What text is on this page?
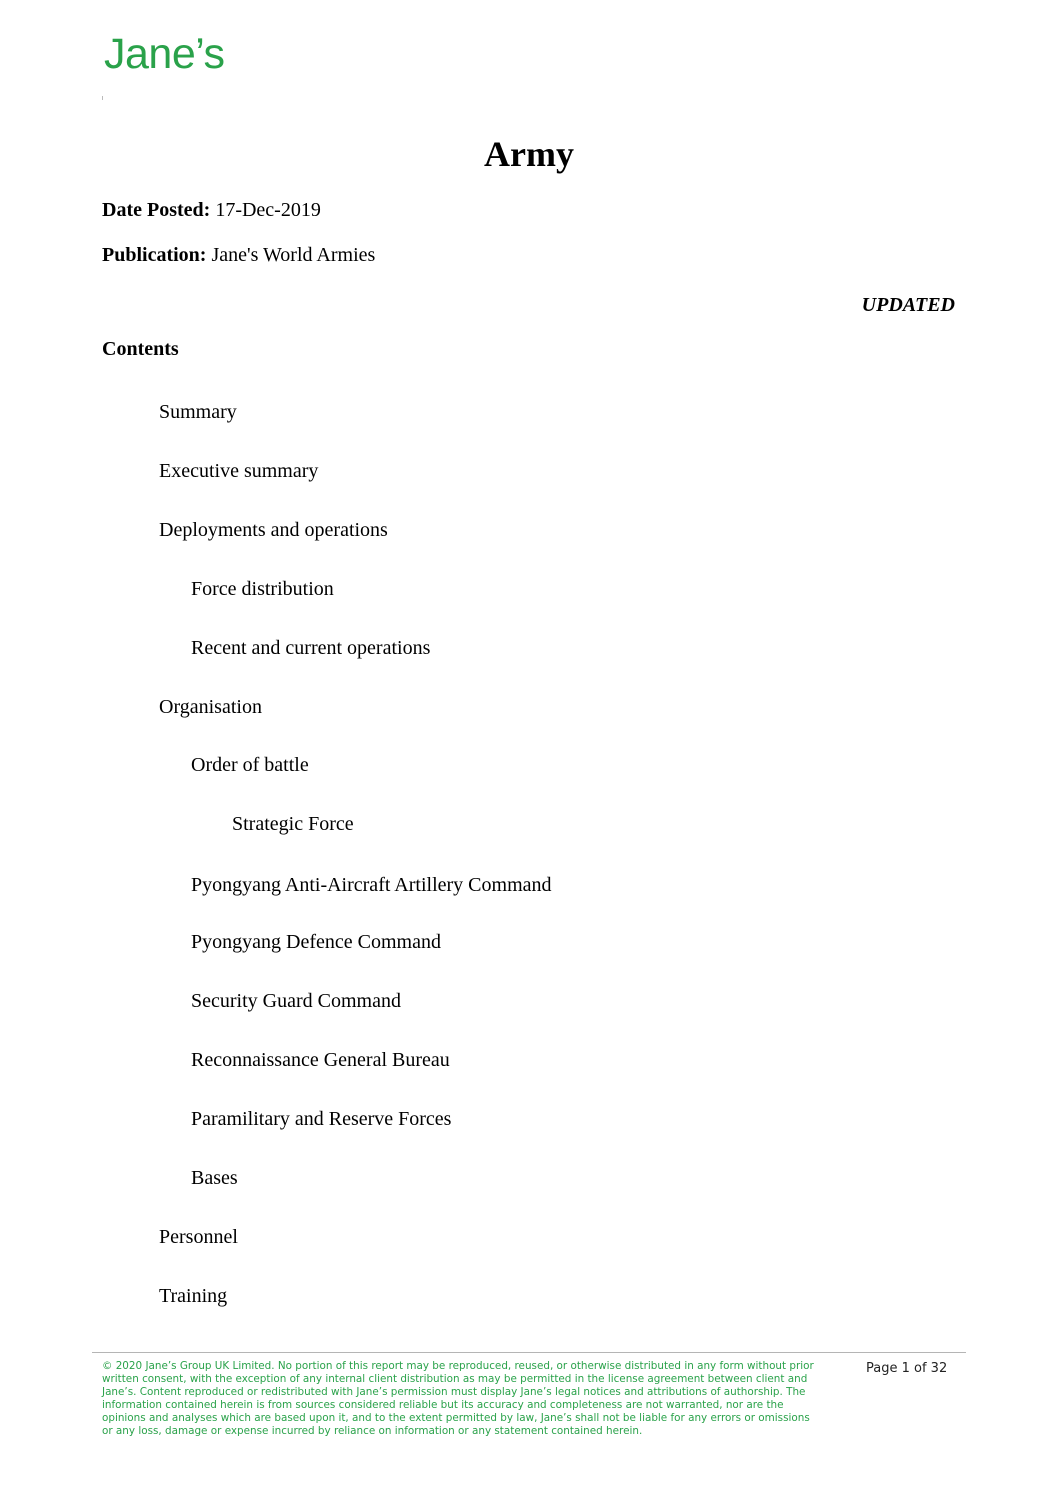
Jane’s
Army
Date Posted: 17-Dec-2019
Publication: Jane's World Armies
UPDATED
Contents
Summary
Executive summary
Deployments and operations
Force distribution
Recent and current operations
Organisation
Order of battle
Strategic Force
Pyongyang Anti-Aircraft Artillery Command
Pyongyang Defence Command
Security Guard Command
Reconnaissance General Bureau
Paramilitary and Reserve Forces
Bases
Personnel
Training
© 2020 Jane’s Group UK Limited. No portion of this report may be reproduced, reused, or otherwise distributed in any form without prior written consent, with the exception of any internal client distribution as may be permitted in the license agreement between client and Jane’s. Content reproduced or redistributed with Jane’s permission must display Jane’s legal notices and attributions of authorship. The information contained herein is from sources considered reliable but its accuracy and completeness are not warranted, nor are the opinions and analyses which are based upon it, and to the extent permitted by law, Jane’s shall not be liable for any errors or omissions or any loss, damage or expense incurred by reliance on information or any statement contained herein.
Page 1 of 32
